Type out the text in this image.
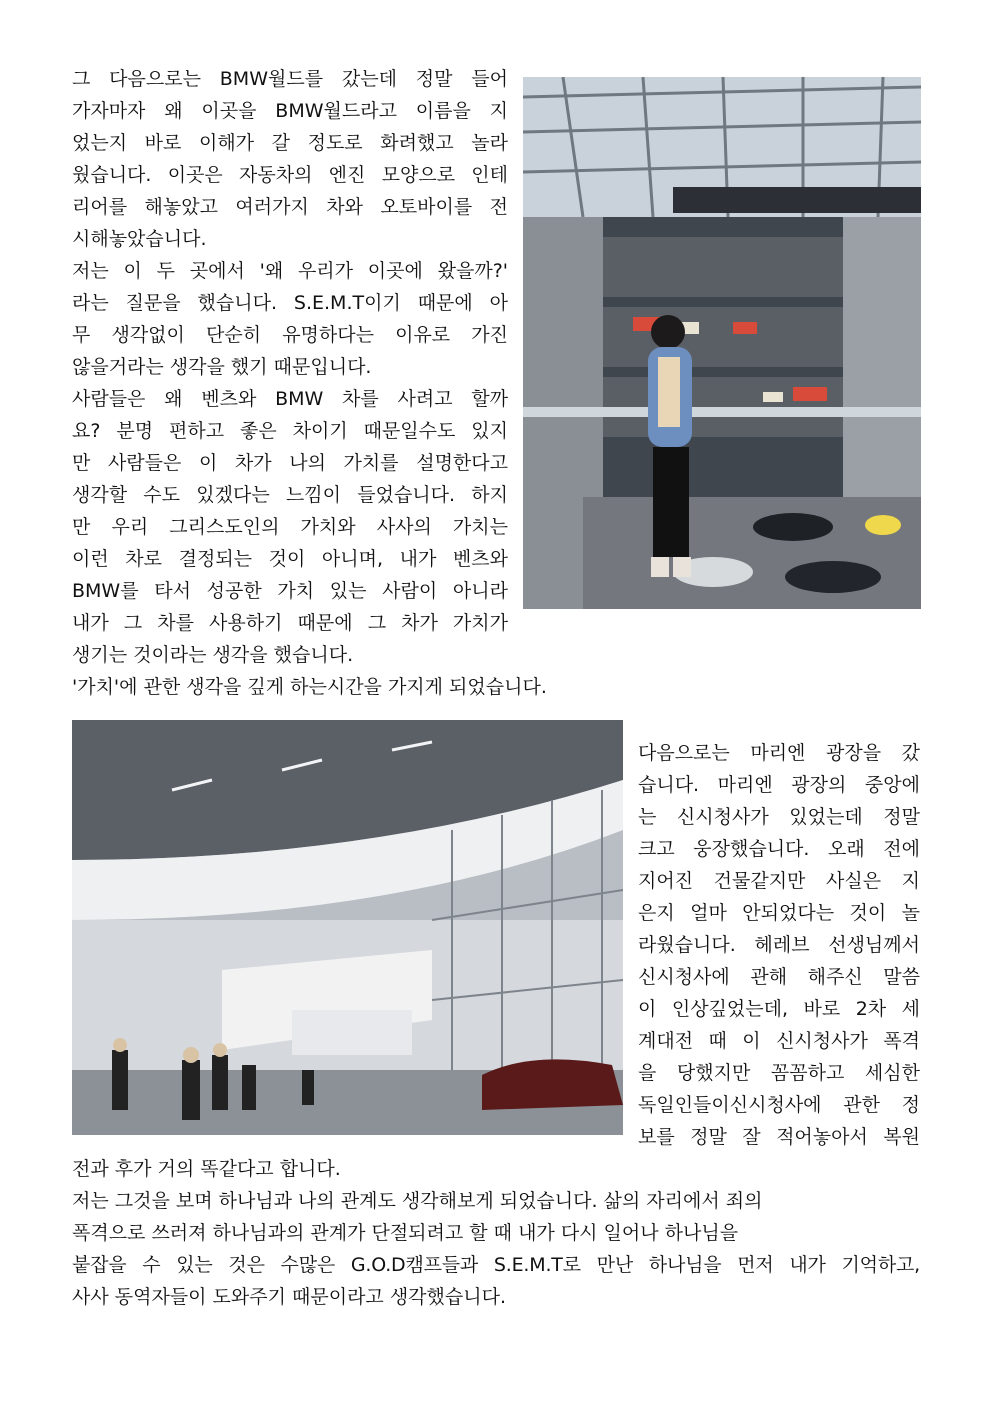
그 다음으로는 BMW월드를 갔는데 정말 들어
가자마자 왜 이곳을 BMW월드라고 이름을 지
었는지 바로 이해가 갈 정도로 화려했고 놀라
웠습니다. 이곳은 자동차의 엔진 모양으로 인테
리어를 해놓았고 여러가지 차와 오토바이를 전
시해놓았습니다.
저는 이 두 곳에서 '왜 우리가 이곳에 왔을까?'
라는 질문을 했습니다. S.E.M.T이기 때문에 아
무 생각없이 단순히 유명하다는 이유로 가진
않을거라는 생각을 했기 때문입니다.
사람들은 왜 벤츠와 BMW 차를 사려고 할까
요? 분명 편하고 좋은 차이기 때문일수도 있지
만 사람들은 이 차가 나의 가치를 설명한다고
생각할 수도 있겠다는 느낌이 들었습니다. 하지
만 우리 그리스도인의 가치와 사사의 가치는
이런 차로 결정되는 것이 아니며, 내가 벤츠와
BMW를 타서 성공한 가치 있는 사람이 아니라
내가 그 차를 사용하기 때문에 그 차가 가치가
생기는 것이라는 생각을 했습니다.
'가치'에 관한 생각을 깊게 하는시간을 가지게 되었습니다.
다음으로는 마리엔 광장을 갔
습니다. 마리엔 광장의 중앙에
는 신시청사가 있었는데 정말
크고 웅장했습니다. 오래 전에
지어진 건물같지만 사실은 지
은지 얼마 안되었다는 것이 놀
라웠습니다. 헤레브 선생님께서
신시청사에 관해 해주신 말씀
이 인상깊었는데, 바로 2차 세
계대전 때 이 신시청사가 폭격
을 당했지만 꼼꼼하고 세심한
독일인들이신시청사에 관한 정
보를 정말 잘 적어놓아서 복원
전과 후가 거의 똑같다고 합니다.
저는 그것을 보며 하나님과 나의 관계도 생각해보게 되었습니다. 삶의 자리에서 죄의
폭격으로 쓰러져 하나님과의 관계가 단절되려고 할 때 내가 다시 일어나 하나님을
붙잡을 수 있는 것은 수많은 G.O.D캠프들과 S.E.M.T로 만난 하나님을 먼저 내가 기억하고,
사사 동역자들이 도와주기 때문이라고 생각했습니다.
